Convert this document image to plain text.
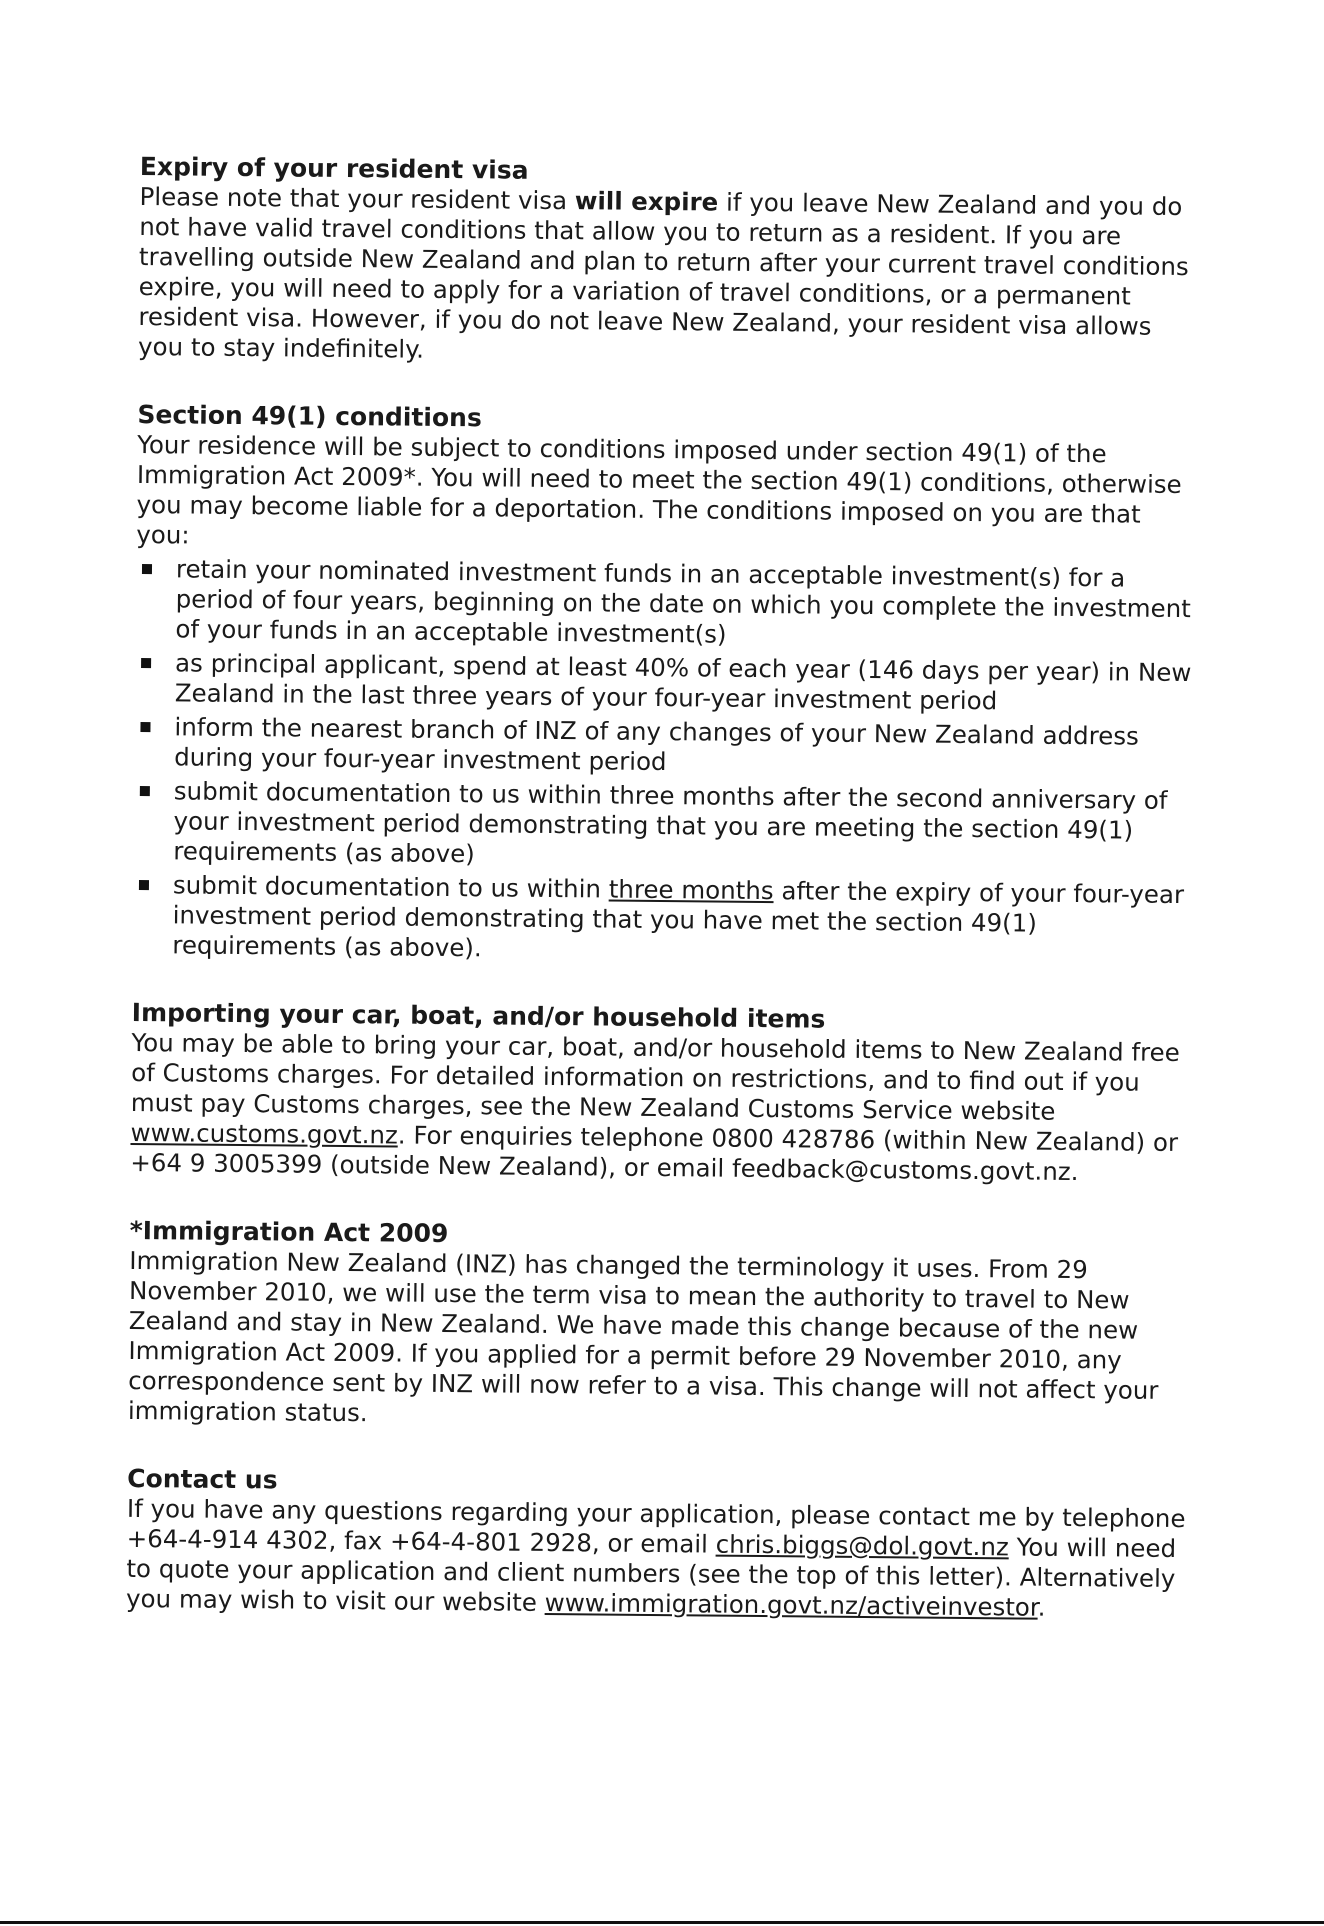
Expiry of your resident visa

Please note that your resident visa will expire if you leave New Zealand and you do not have valid travel conditions that allow you to return as a resident. If you are travelling outside New Zealand and plan to return after your current travel conditions expire, you will need to apply for a variation of travel conditions, or a permanent resident visa. However, if you do not leave New Zealand, your resident visa allows you to stay indefinitely.

Section 49(1) conditions

Your residence will be subject to conditions imposed under section 49(1) of the Immigration Act 2009*. You will need to meet the section 49(1) conditions, otherwise you may become liable for a deportation. The conditions imposed on you are that you:

retain your nominated investment funds in an acceptable investment(s) for a period of four years, beginning on the date on which you complete the investment of your funds in an acceptable investment(s)
as principal applicant, spend at least 40% of each year (146 days per year) in New Zealand in the last three years of your four-year investment period
inform the nearest branch of INZ of any changes of your New Zealand address during your four-year investment period
submit documentation to us within three months after the second anniversary of your investment period demonstrating that you are meeting the section 49(1) requirements (as above)
submit documentation to us within three months after the expiry of your four-year investment period demonstrating that you have met the section 49(1) requirements (as above).

Importing your car, boat, and/or household items

You may be able to bring your car, boat, and/or household items to New Zealand free of Customs charges. For detailed information on restrictions, and to find out if you must pay Customs charges, see the New Zealand Customs Service website www.customs.govt.nz. For enquiries telephone 0800 428786 (within New Zealand) or +64 9 3005399 (outside New Zealand), or email feedback@customs.govt.nz.

*Immigration Act 2009

Immigration New Zealand (INZ) has changed the terminology it uses. From 29 November 2010, we will use the term visa to mean the authority to travel to New Zealand and stay in New Zealand. We have made this change because of the new Immigration Act 2009. If you applied for a permit before 29 November 2010, any correspondence sent by INZ will now refer to a visa. This change will not affect your immigration status.

Contact us

If you have any questions regarding your application, please contact me by telephone +64-4-914 4302, fax +64-4-801 2928, or email chris.biggs@dol.govt.nz You will need to quote your application and client numbers (see the top of this letter). Alternatively you may wish to visit our website www.immigration.govt.nz/activeinvestor.
